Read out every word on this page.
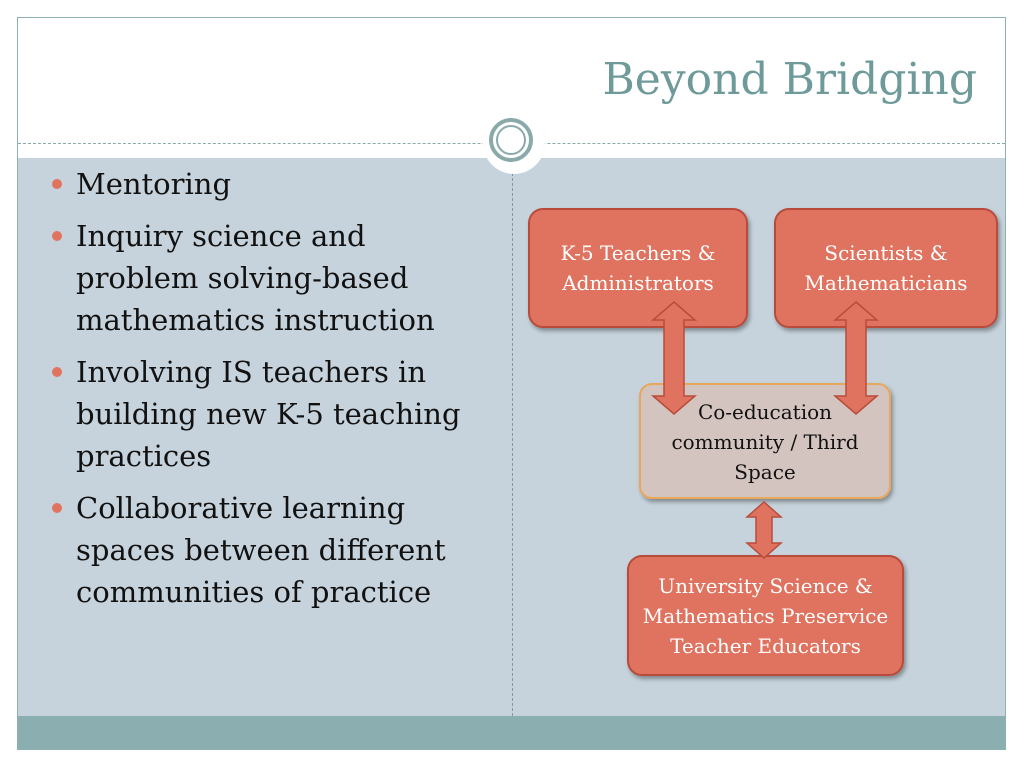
Beyond Bridging
Mentoring
Inquiry science and problem solving-based mathematics instruction
Involving IS teachers in building new K-5 teaching practices
Collaborative learning spaces between different communities of practice
K-5 Teachers & Administrators
Scientists & Mathematicians
Co-education community / Third Space
University Science & Mathematics Preservice Teacher Educators
